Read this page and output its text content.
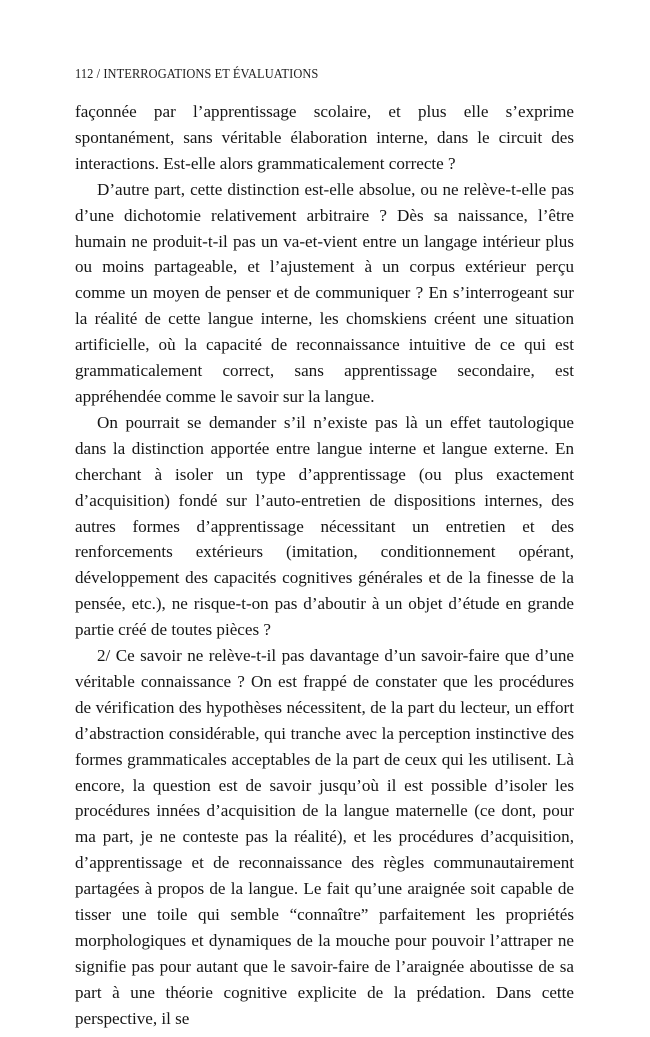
112 / INTERROGATIONS ET ÉVALUATIONS

façonnée par l’apprentissage scolaire, et plus elle s’exprime spontanément, sans véritable élaboration interne, dans le circuit des interactions. Est-elle alors grammaticalement correcte ?

D’autre part, cette distinction est-elle absolue, ou ne relève-t-elle pas d’une dichotomie relativement arbitraire ? Dès sa naissance, l’être humain ne produit-t-il pas un va-et-vient entre un langage intérieur plus ou moins partageable, et l’ajustement à un corpus extérieur perçu comme un moyen de penser et de communiquer ? En s’interrogeant sur la réalité de cette langue interne, les chomskiens créent une situation artificielle, où la capacité de reconnaissance intuitive de ce qui est grammaticalement correct, sans apprentissage secondaire, est appréhendée comme le savoir sur la langue.

On pourrait se demander s’il n’existe pas là un effet tautologique dans la distinction apportée entre langue interne et langue externe. En cherchant à isoler un type d’apprentissage (ou plus exactement d’acquisition) fondé sur l’auto-entretien de dispositions internes, des autres formes d’apprentissage nécessitant un entretien et des renforcements extérieurs (imitation, conditionnement opérant, développement des capacités cognitives générales et de la finesse de la pensée, etc.), ne risque-t-on pas d’aboutir à un objet d’étude en grande partie créé de toutes pièces ?

2/ Ce savoir ne relève-t-il pas davantage d’un savoir-faire que d’une véritable connaissance ? On est frappé de constater que les procédures de vérification des hypothèses nécessitent, de la part du lecteur, un effort d’abstraction considérable, qui tranche avec la perception instinctive des formes grammaticales acceptables de la part de ceux qui les utilisent. Là encore, la question est de savoir jusqu’où il est possible d’isoler les procédures innées d’acquisition de la langue maternelle (ce dont, pour ma part, je ne conteste pas la réalité), et les procédures d’acquisition, d’apprentissage et de reconnaissance des règles communautairement partagées à propos de la langue. Le fait qu’une araignée soit capable de tisser une toile qui semble “connaître” parfaitement les propriétés morphologiques et dynamiques de la mouche pour pouvoir l’attraper ne signifie pas pour autant que le savoir-faire de l’araignée aboutisse de sa part à une théorie cognitive explicite de la prédation. Dans cette perspective, il se
